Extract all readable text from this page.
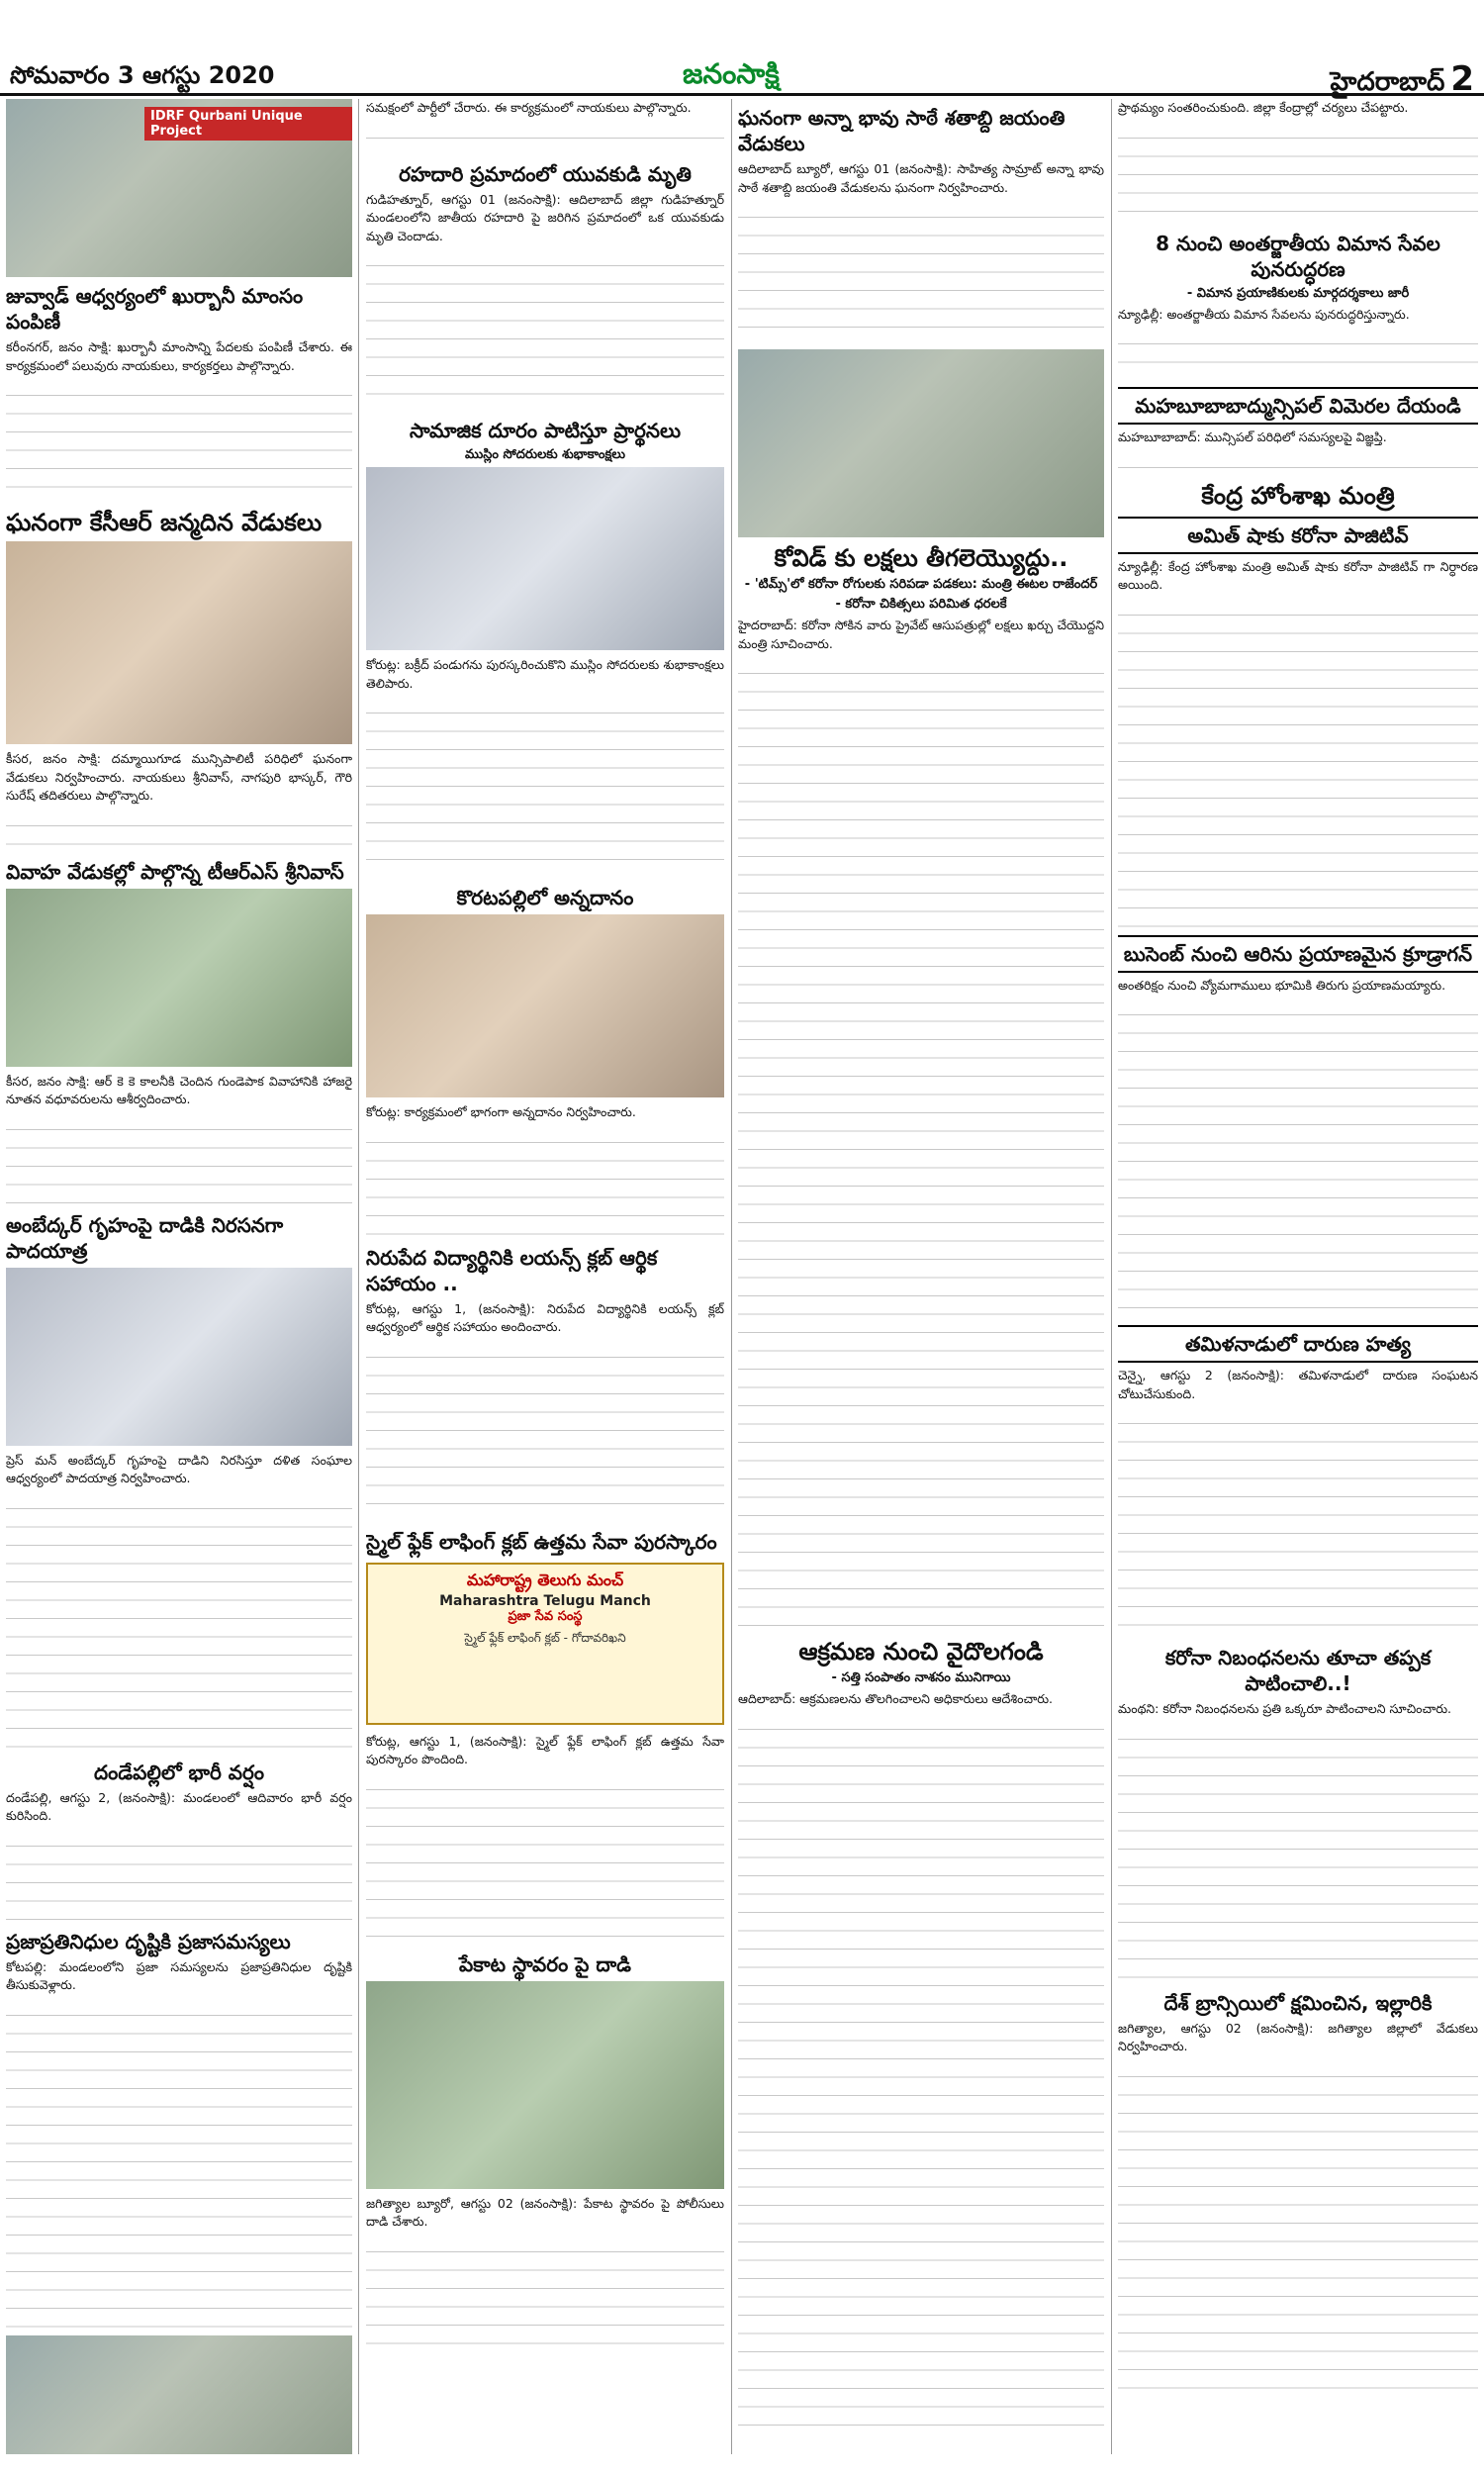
సోమవారం 3 ఆగస్టు 2020	జనంసాక్షి	హైదరాబాద్ 2
IDRF Qurbani Unique Project
జువ్వాడ్ ఆధ్వర్యంలో ఖుర్బానీ మాంసం పంపిణీ
కరీంనగర్, జనం సాక్షి: ఖుర్బానీ మాంసాన్ని పేదలకు పంపిణీ చేశారు. ఈ కార్యక్రమంలో పలువురు నాయకులు, కార్యకర్తలు పాల్గొన్నారు.
ఘనంగా కేసీఆర్ జన్మదిన వేడుకలు
కీసర, జనం సాక్షి: దమ్మాయిగూడ మున్సిపాలిటీ పరిధిలో ఘనంగా వేడుకలు నిర్వహించారు. నాయకులు శ్రీనివాస్, నాగపురి భాస్కర్, గౌరి సురేష్ తదితరులు పాల్గొన్నారు.
వివాహ వేడుకల్లో పాల్గొన్న టీఆర్ఎస్ శ్రీనివాస్
కీసర, జనం సాక్షి: ఆర్ కె కె కాలనీకి చెందిన గుండెపాక వివాహానికి హాజరై నూతన వధూవరులను ఆశీర్వదించారు.
అంబేద్కర్ గృహంపై దాడికి నిరసనగా పాదయాత్ర
ప్రెస్ మన్ అంబేద్కర్ గృహంపై దాడిని నిరసిస్తూ దళిత సంఘాల ఆధ్వర్యంలో పాదయాత్ర నిర్వహించారు.
దండేపల్లిలో భారీ వర్షం
దండేపల్లి, ఆగస్టు 2, (జనంసాక్షి): మండలంలో ఆదివారం భారీ వర్షం కురిసింది.
ప్రజాప్రతినిధుల దృష్టికి ప్రజాసమస్యలు
కోటపల్లి: మండలంలోని ప్రజా సమస్యలను ప్రజాప్రతినిధుల దృష్టికి తీసుకువెళ్లారు.
సమక్షంలో పార్టీలో చేరారు. ఈ కార్యక్రమంలో నాయకులు పాల్గొన్నారు.
రహదారి ప్రమాదంలో యువకుడి మృతి
గుడిహత్నూర్, ఆగస్టు 01 (జనంసాక్షి): ఆదిలాబాద్ జిల్లా గుడిహత్నూర్ మండలంలోని జాతీయ రహదారి పై జరిగిన ప్రమాదంలో ఒక యువకుడు మృతి చెందాడు.
సామాజిక దూరం పాటిస్తూ ప్రార్థనలు
ముస్లిం సోదరులకు శుభాకాంక్షలు
కోరుట్ల: బక్రీద్ పండుగను పురస్కరించుకొని ముస్లిం సోదరులకు శుభాకాంక్షలు తెలిపారు.
కొరటపల్లిలో అన్నదానం
కోరుట్ల: కార్యక్రమంలో భాగంగా అన్నదానం నిర్వహించారు.
నిరుపేద విద్యార్థినికి లయన్స్ క్లబ్ ఆర్థిక సహాయం ..
కోరుట్ల, ఆగస్టు 1, (జనంసాక్షి): నిరుపేద విద్యార్థినికి లయన్స్ క్లబ్ ఆధ్వర్యంలో ఆర్థిక సహాయం అందించారు.
స్మైల్ ఫ్లేక్ లాఫింగ్ క్లబ్ ఉత్తమ సేవా పురస్కారం
మహారాష్ట్ర తెలుగు మంచ్
Maharashtra Telugu Manch
ప్రజా సేవ సంస్థ
స్మైల్ ఫ్లేక్ లాఫింగ్ క్లబ్ - గోదావరిఖని
కోరుట్ల, ఆగస్టు 1, (జనంసాక్షి): స్మైల్ ఫ్లేక్ లాఫింగ్ క్లబ్ ఉత్తమ సేవా పురస్కారం పొందింది.
పేకాట స్థావరం పై దాడి
జగిత్యాల బ్యూరో, ఆగస్టు 02 (జనంసాక్షి): పేకాట స్థావరం పై పోలీసులు దాడి చేశారు.
ఘనంగా అన్నా భావు సాఠే శతాబ్ది జయంతి వేడుకలు
ఆదిలాబాద్ బ్యూరో, ఆగస్టు 01 (జనంసాక్షి): సాహిత్య సామ్రాట్ అన్నా భావు సాఠే శతాబ్ది జయంతి వేడుకలను ఘనంగా నిర్వహించారు.
కోవిడ్ కు లక్షలు తీగలెయ్యొద్దు..
- 'టిమ్స్'లో కరోనా రోగులకు సరిపడా పడకలు: మంత్రి ఈటల రాజేందర్
- కరోనా చికిత్సలు పరిమిత ధరలకే
హైదరాబాద్: కరోనా సోకిన వారు ప్రైవేట్ ఆసుపత్రుల్లో లక్షలు ఖర్చు చేయొద్దని మంత్రి సూచించారు.
ఆక్రమణ నుంచి వైదొలగండి
- సత్తి సంపాతం నాశనం మునిగాయి
ఆదిలాబాద్: ఆక్రమణలను తొలగించాలని అధికారులు ఆదేశించారు.
ప్రాథమ్యం సంతరించుకుంది. జిల్లా కేంద్రాల్లో చర్యలు చేపట్టారు.
8 నుంచి అంతర్జాతీయ విమాన సేవల పునరుద్ధరణ
- విమాన ప్రయాణికులకు మార్గదర్శకాలు జారీ
న్యూఢిల్లీ: అంతర్జాతీయ విమాన సేవలను పునరుద్ధరిస్తున్నారు.
మహబూబాబాద్మున్సిపల్ విమెరల దేయండి
మహబూబాబాద్: మున్సిపల్ పరిధిలో సమస్యలపై విజ్ఞప్తి.
కేంద్ర హోంశాఖ మంత్రి
అమిత్ షాకు కరోనా పాజిటివ్
న్యూఢిల్లీ: కేంద్ర హోంశాఖ మంత్రి అమిత్ షాకు కరోనా పాజిటివ్ గా నిర్ధారణ అయింది.
బుసెంబ్‌ నుంచి ఆరిను ప్రయాణమైన క్రూడ్రాగన్
అంతరిక్షం నుంచి వ్యోమగాములు భూమికి తిరుగు ప్రయాణమయ్యారు.
తమిళనాడులో దారుణ హత్య
చెన్నై, ఆగస్టు 2 (జనంసాక్షి): తమిళనాడులో దారుణ సంఘటన చోటుచేసుకుంది.
కరోనా నిబంధనలను తూచా తప్పక పాటించాలి..!
మంథని: కరోనా నిబంధనలను ప్రతి ఒక్కరూ పాటించాలని సూచించారు.
దేశ్ బ్రాన్సియిలో క్షమించిన, ఇల్లారికి
జగిత్యాల, ఆగస్టు 02 (జనంసాక్షి): జగిత్యాల జిల్లాలో వేడుకలు నిర్వహించారు.
